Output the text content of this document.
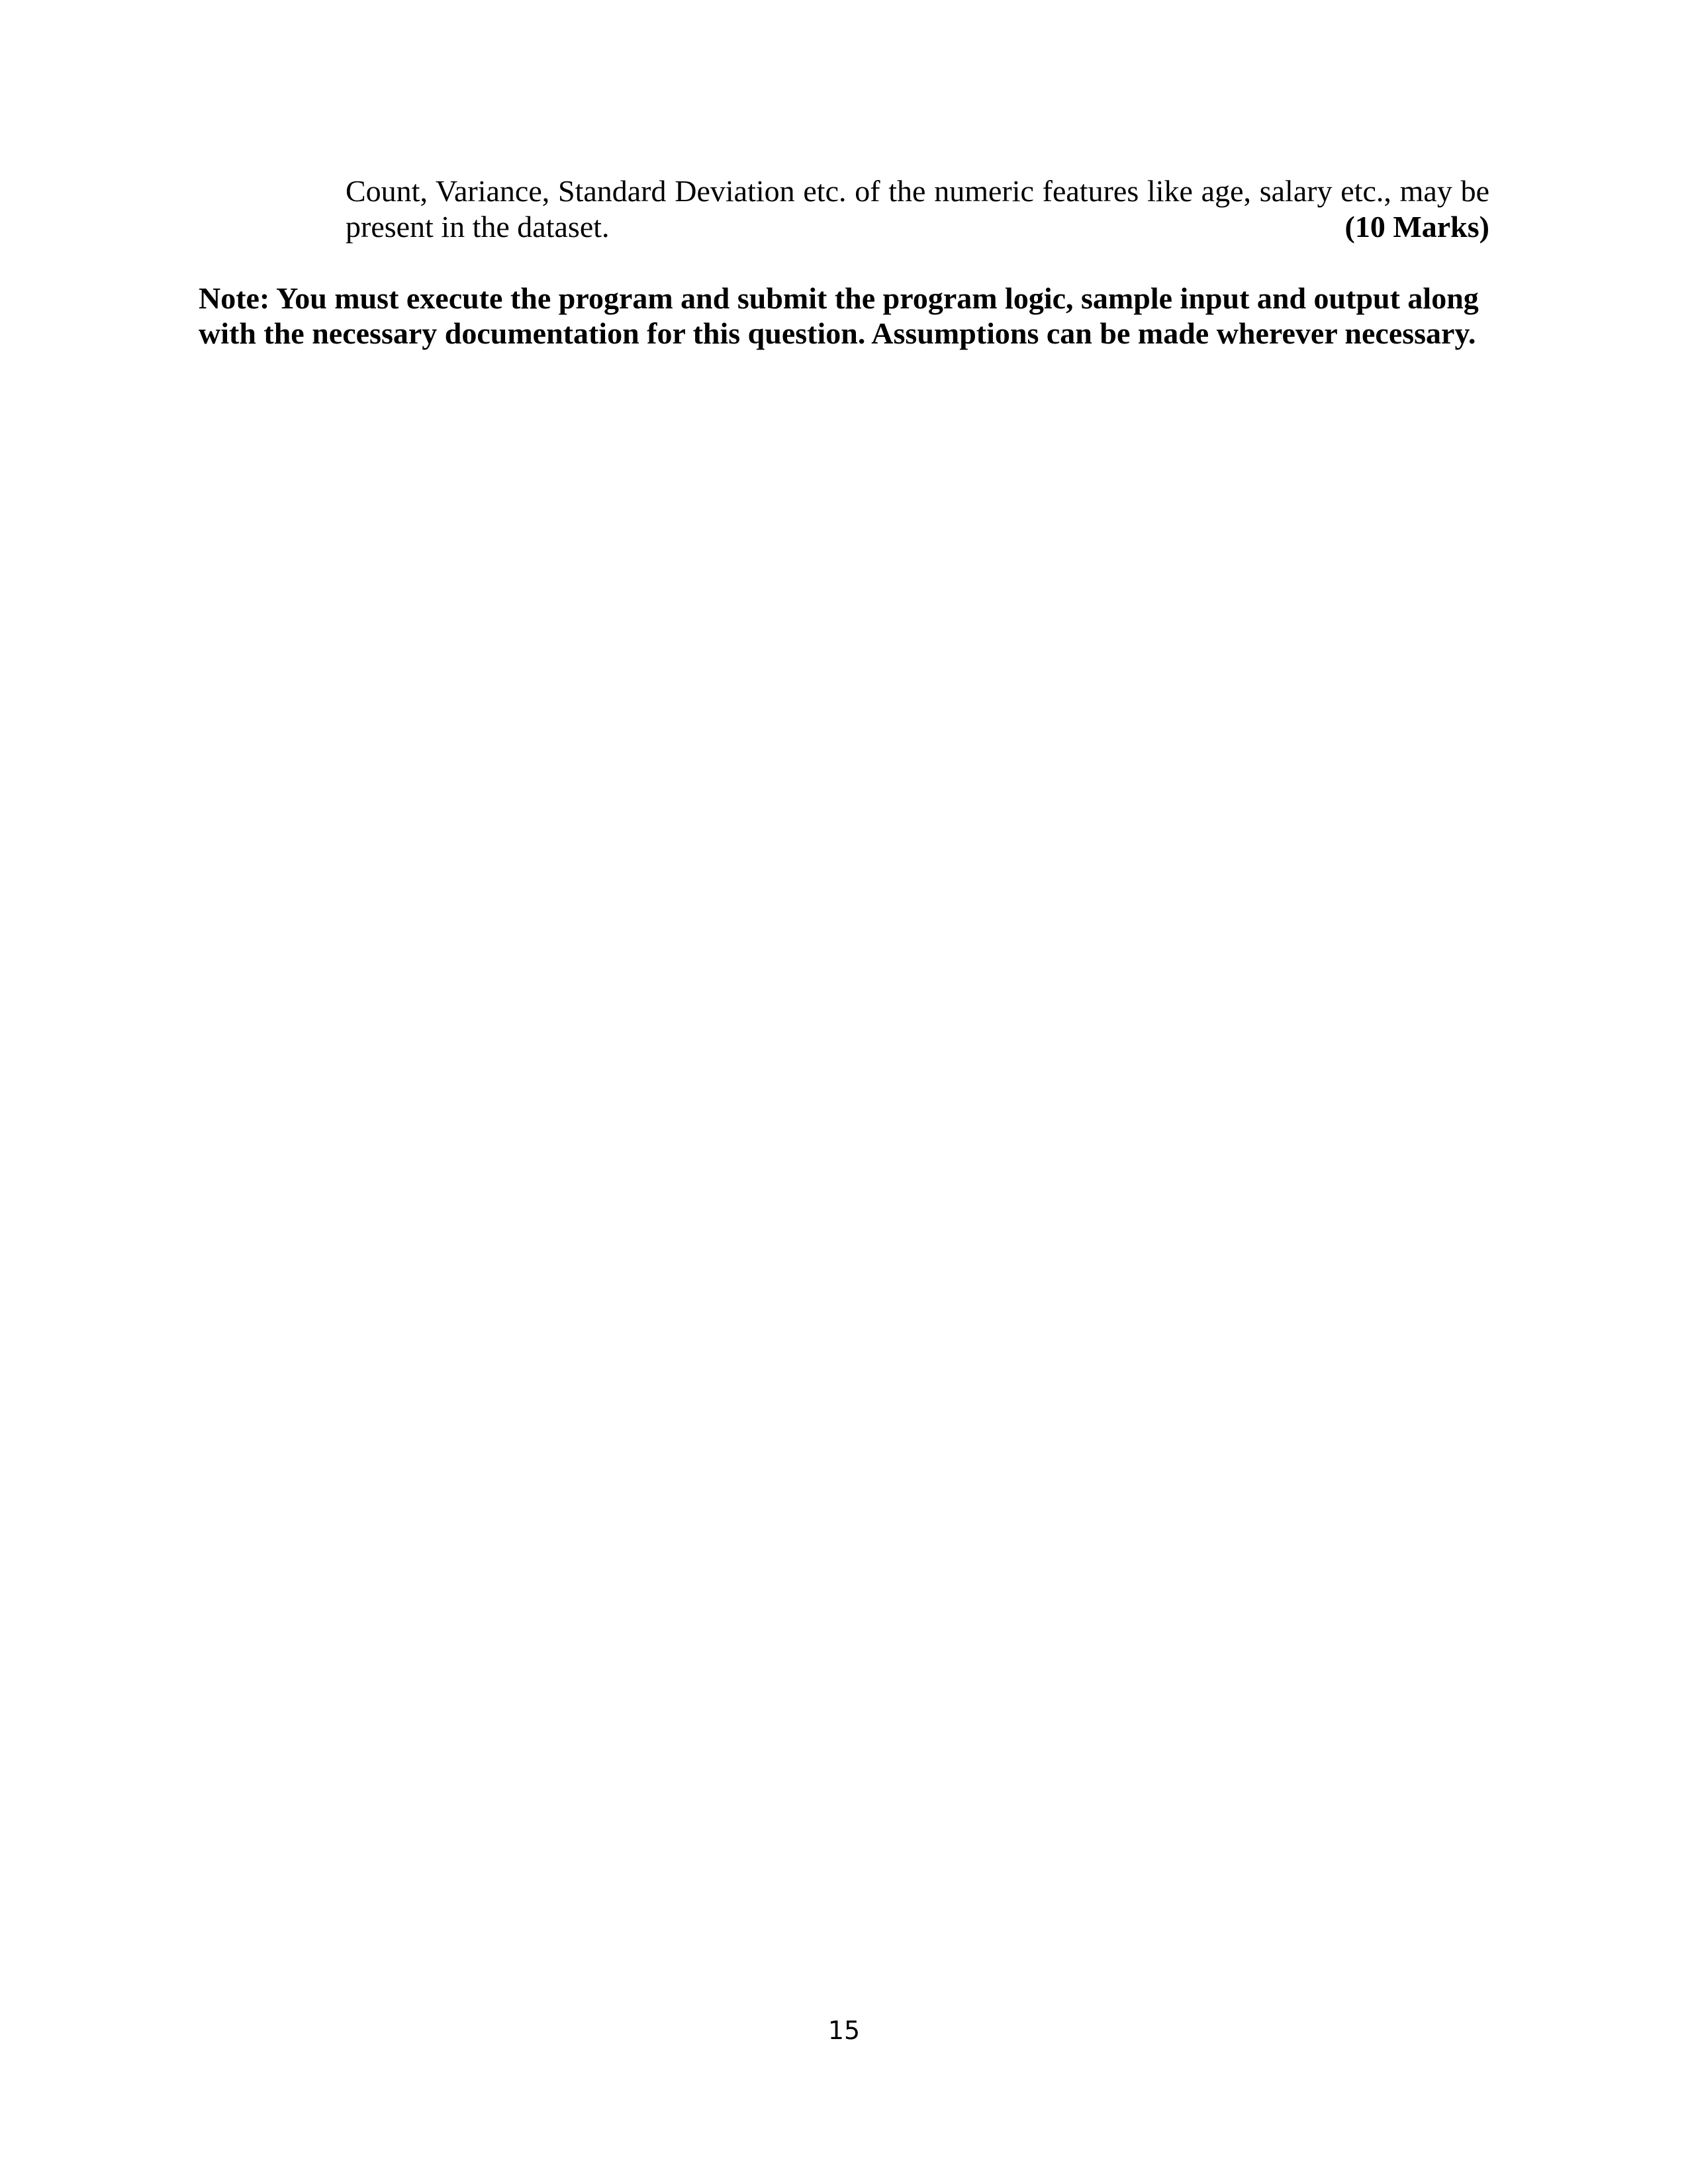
Count, Variance, Standard Deviation etc. of the numeric features like age, salary etc., may be
present in the dataset.	(10 Marks)
Note: You must execute the program and submit the program logic, sample input and output along
with the necessary documentation for this question. Assumptions can be made wherever necessary.
15
